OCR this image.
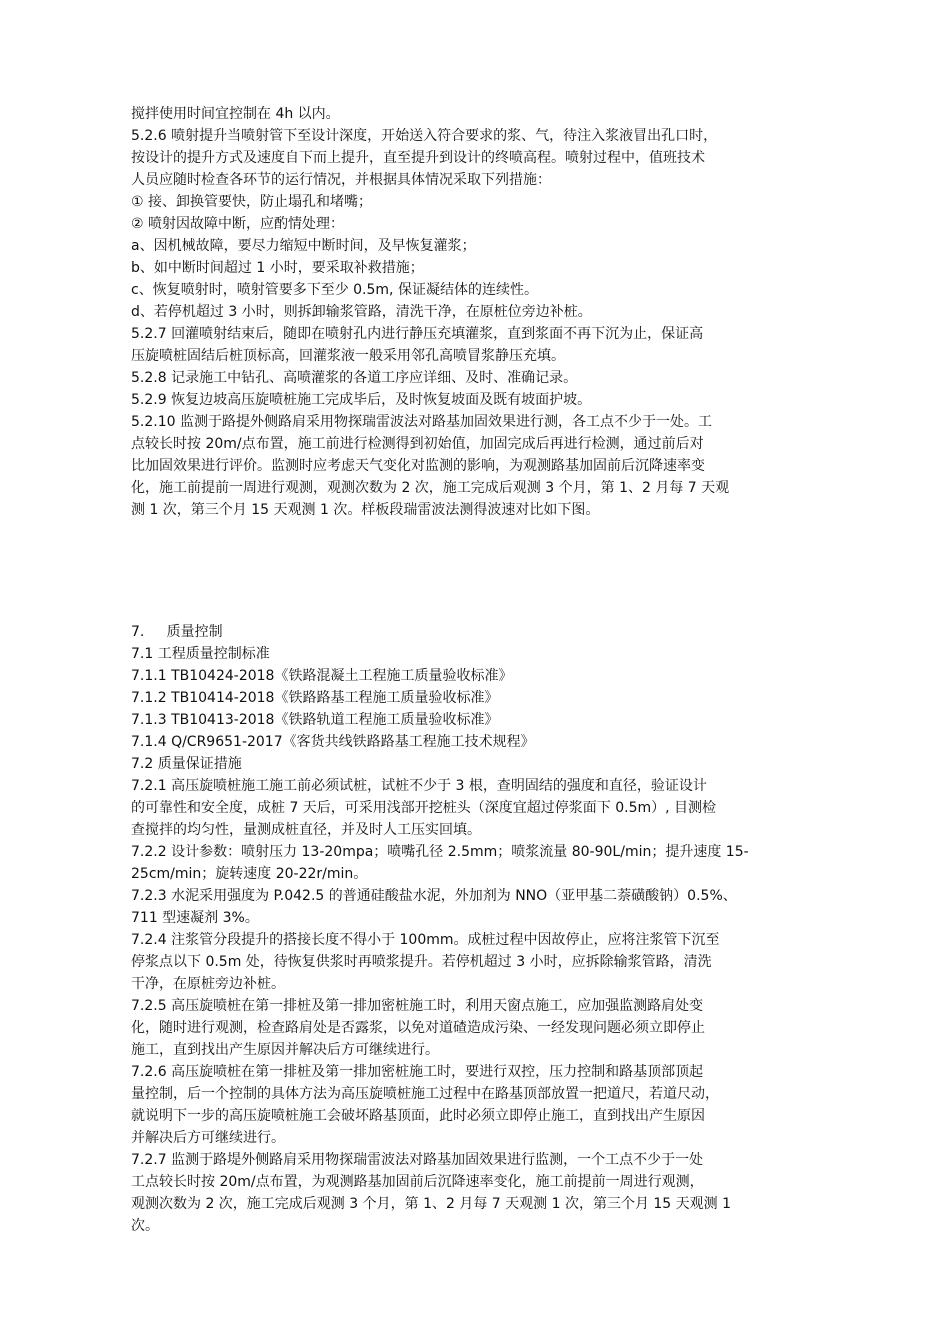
搅拌使用时间宜控制在 4h 以内。
5.2.6 喷射提升当喷射管下至设计深度，开始送入符合要求的浆、气，待注入浆液冒出孔口时，
按设计的提升方式及速度自下而上提升，直至提升到设计的终喷高程。喷射过程中，值班技术
人员应随时检查各环节的运行情况，并根据具体情况采取下列措施：
① 接、卸换管要快，防止塌孔和堵嘴；
② 喷射因故障中断，应酌情处理：
a、因机械故障，要尽力缩短中断时间，及早恢复灌浆；
b、如中断时间超过 1 小时，要采取补救措施；
c、恢复喷射时，喷射管要多下至少 0.5m, 保证凝结体的连续性。
d、若停机超过 3 小时，则拆卸输浆管路，清洗干净，在原桩位旁边补桩。
5.2.7 回灌喷射结束后，随即在喷射孔内进行静压充填灌浆，直到浆面不再下沉为止，保证高
压旋喷桩固结后桩顶标高，回灌浆液一般采用邻孔高喷冒浆静压充填。
5.2.8 记录施工中钻孔、高喷灌浆的各道工序应详细、及时、准确记录。
5.2.9 恢复边坡高压旋喷桩施工完成毕后，及时恢复坡面及既有坡面护坡。
5.2.10 监测于路提外侧路肩采用物探瑞雷波法对路基加固效果进行测，各工点不少于一处。工
点较长时按 20m/点布置，施工前进行检测得到初始值，加固完成后再进行检测，通过前后对
比加固效果进行评价。监测时应考虑天气变化对监测的影响，为观测路基加固前后沉降速率变
化，施工前提前一周进行观测，观测次数为 2 次，施工完成后观测 3 个月，第 1、2 月每 7 天观
测 1 次，第三个月 15 天观测 1 次。样板段瑞雷波法测得波速对比如下图。
7.     质量控制
7.1 工程质量控制标准
7.1.1 TB10424-2018《铁路混凝土工程施工质量验收标准》
7.1.2 TB10414-2018《铁路路基工程施工质量验收标准》
7.1.3 TB10413-2018《铁路轨道工程施工质量验收标准》
7.1.4 Q/CR9651-2017《客货共线铁路路基工程施工技术规程》
7.2 质量保证措施
7.2.1 高压旋喷桩施工施工前必须试桩，试桩不少于 3 根，查明固结的强度和直径，验证设计
的可靠性和安全度，成桩 7 天后，可采用浅部开挖桩头（深度宜超过停浆面下 0.5m）, 目测检
查搅拌的均匀性，量测成桩直径，并及时人工压实回填。
7.2.2 设计参数：喷射压力 13-20mpa；喷嘴孔径 2.5mm；喷浆流量 80-90L/min；提升速度 15-
25cm/min；旋转速度 20-22r/min。
7.2.3 水泥采用强度为 P.042.5 的普通硅酸盐水泥，外加剂为 NNO（亚甲基二萘磺酸钠）0.5%、
711 型速凝剂 3%。
7.2.4 注浆管分段提升的搭接长度不得小于 100mm。成桩过程中因故停止，应将注浆管下沉至
停浆点以下 0.5m 处，待恢复供浆时再喷浆提升。若停机超过 3 小时，应拆除输浆管路，清洗
干净，在原桩旁边补桩。
7.2.5 高压旋喷桩在第一排桩及第一排加密桩施工时，利用天窗点施工，应加强监测路肩处变
化，随时进行观测，检查路肩处是否露浆，以免对道碴造成污染、一经发现问题必须立即停止
施工，直到找出产生原因并解决后方可继续进行。
7.2.6 高压旋喷桩在第一排桩及第一排加密桩施工时，要进行双控，压力控制和路基顶部顶起
量控制，后一个控制的具体方法为高压旋喷桩施工过程中在路基顶部放置一把道尺，若道尺动，
就说明下一步的高压旋喷桩施工会破坏路基顶面，此时必须立即停止施工，直到找出产生原因
并解决后方可继续进行。
7.2.7 监测于路堤外侧路肩采用物探瑞雷波法对路基加固效果进行监测，一个工点不少于一处
工点较长时按 20m/点布置，为观测路基加固前后沉降速率变化，施工前提前一周进行观测，
观测次数为 2 次，施工完成后观测 3 个月，第 1、2 月每 7 天观测 1 次，第三个月 15 天观测 1
次。
